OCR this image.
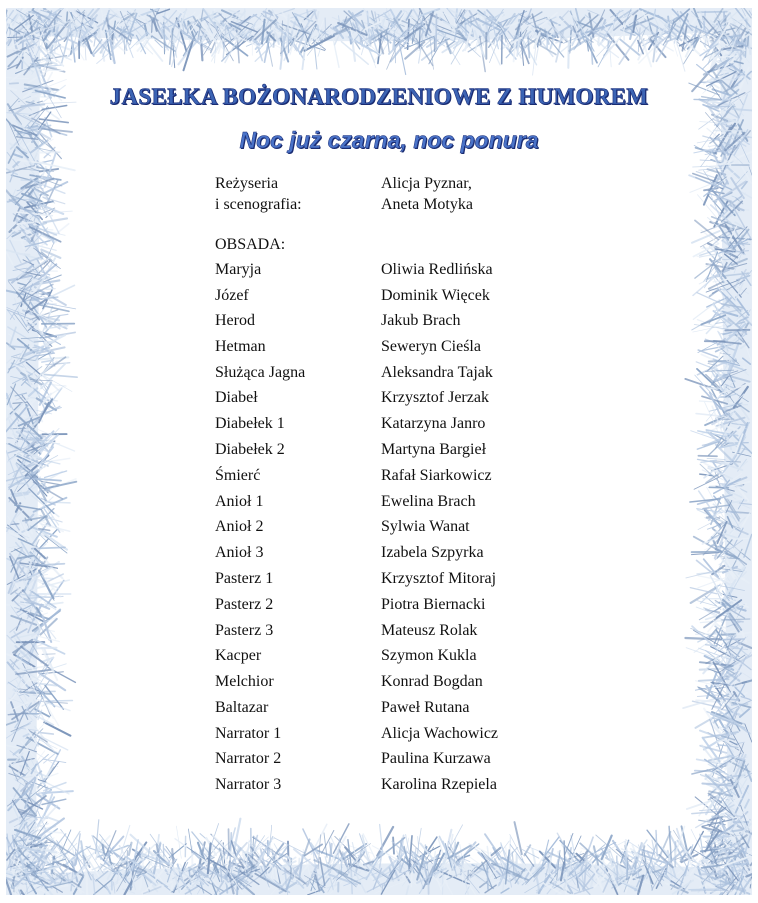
JASEŁKA BOŻONARODZENIOWE Z HUMOREM
Noc już czarna, noc ponura
Reżyseria	Alicja Pyznar,
i scenografia:	Aneta Motyka
OBSADA:
Maryja	Oliwia Redlińska
Józef	Dominik Więcek
Herod	Jakub Brach
Hetman	Seweryn Cieśla
Służąca Jagna	Aleksandra Tajak
Diabeł	Krzysztof Jerzak
Diabełek 1	Katarzyna Janro
Diabełek 2	Martyna Bargieł
Śmierć	Rafał Siarkowicz
Anioł 1	Ewelina Brach
Anioł 2	Sylwia Wanat
Anioł 3	Izabela Szpyrka
Pasterz 1	Krzysztof Mitoraj
Pasterz 2	Piotra Biernacki
Pasterz 3	Mateusz Rolak
Kacper	Szymon Kukla
Melchior	Konrad Bogdan
Baltazar	Paweł Rutana
Narrator 1	Alicja Wachowicz
Narrator 2	Paulina Kurzawa
Narrator 3	Karolina Rzepiela
